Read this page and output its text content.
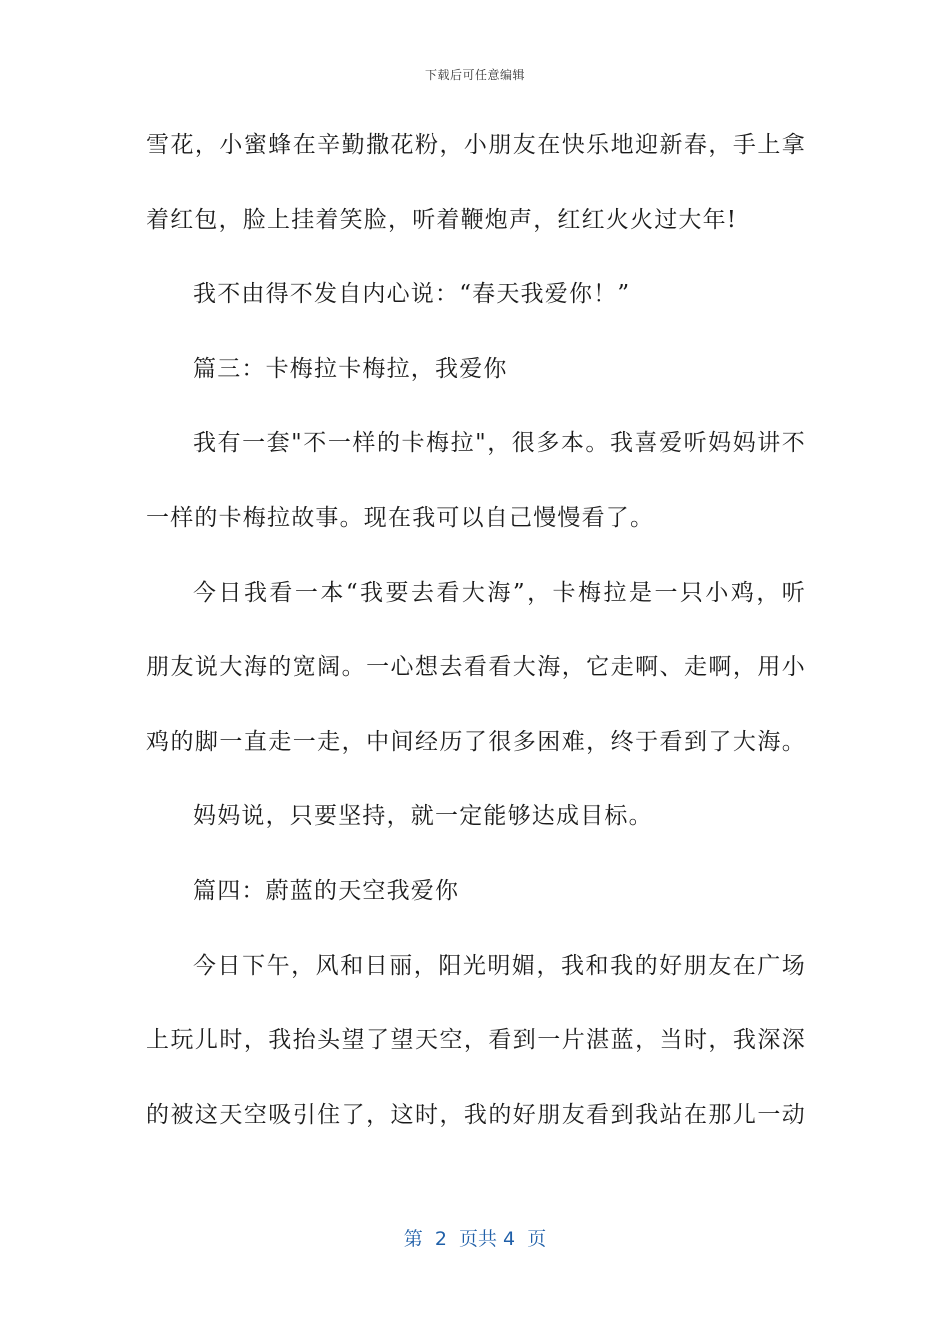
下载后可任意编辑
雪花，小蜜蜂在辛勤撒花粉，小朋友在快乐地迎新春，手上拿
着红包，脸上挂着笑脸，听着鞭炮声，红红火火过大年!
我不由得不发自内心说：“春天我爱你！”
篇三：卡梅拉卡梅拉，我爱你
我有一套"不一样的卡梅拉"，很多本。我喜爱听妈妈讲不
一样的卡梅拉故事。现在我可以自己慢慢看了。
今日我看一本“我要去看大海”，卡梅拉是一只小鸡，听
朋友说大海的宽阔。一心想去看看大海，它走啊、走啊，用小
鸡的脚一直走一走，中间经历了很多困难，终于看到了大海。
妈妈说，只要坚持，就一定能够达成目标。
篇四：蔚蓝的天空我爱你
今日下午，风和日丽，阳光明媚，我和我的好朋友在广场
上玩儿时，我抬头望了望天空，看到一片湛蓝，当时，我深深
的被这天空吸引住了，这时，我的好朋友看到我站在那儿一动
第  2  页共 4  页
